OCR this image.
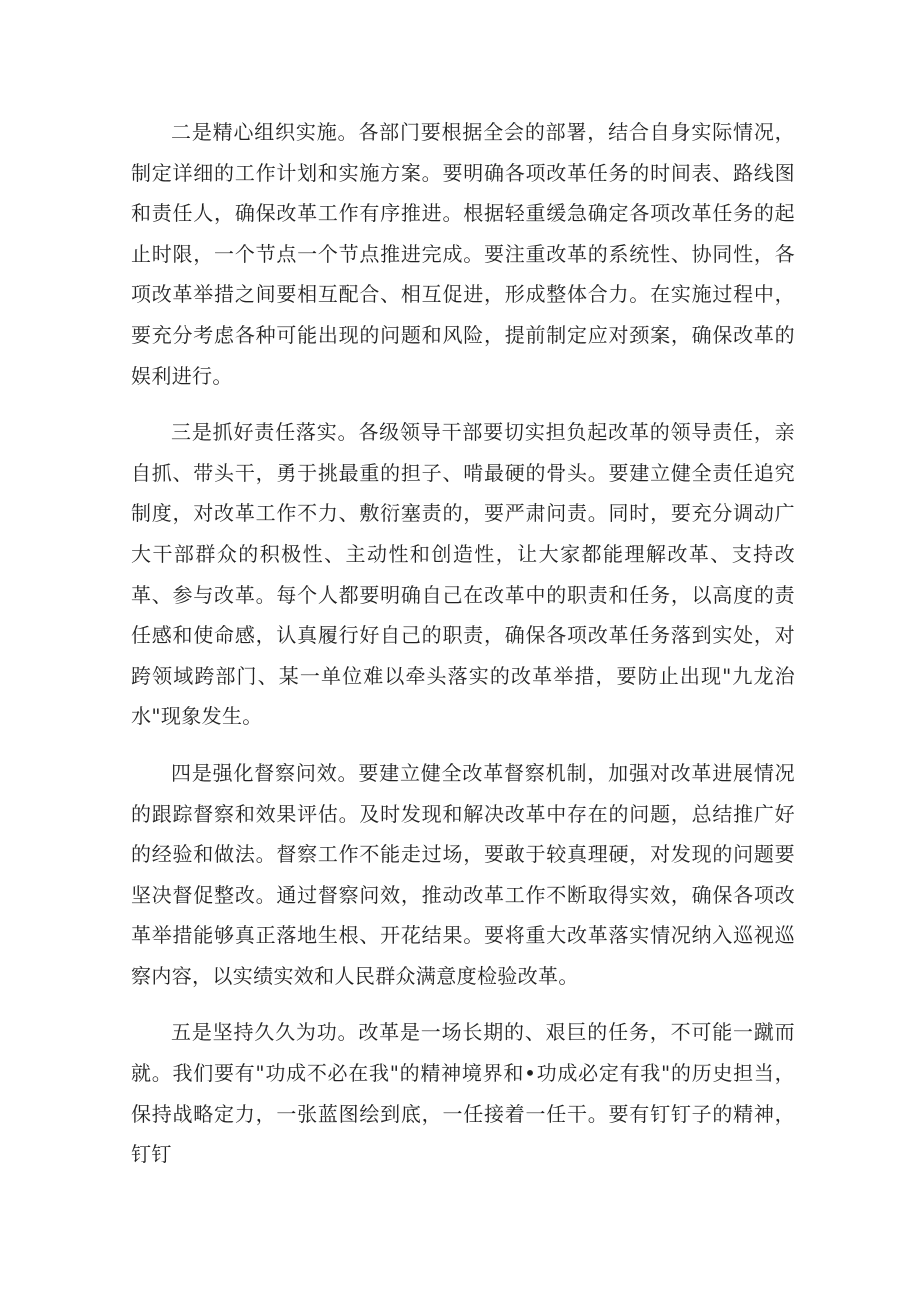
二是精心组织实施。各部门要根据全会的部署，结合自身实际情况，制定详细的工作计划和实施方案。要明确各项改革任务的时间表、路线图和责任人，确保改革工作有序推进。根据轻重缓急确定各项改革任务的起止时限，一个节点一个节点推进完成。要注重改革的系统性、协同性，各项改革举措之间要相互配合、相互促进，形成整体合力。在实施过程中，要充分考虑各种可能出现的问题和风险，提前制定应对颈案，确保改革的娱利进行。

三是抓好责任落实。各级领导干部要切实担负起改革的领导责任，亲自抓、带头干，勇于挑最重的担子、啃最硬的骨头。要建立健全责任追究制度，对改革工作不力、敷衍塞责的，要严肃问责。同时，要充分调动广大干部群众的积极性、主动性和创造性，让大家都能理解改革、支持改革、参与改革。每个人都要明确自己在改革中的职责和任务，以高度的责任感和使命感，认真履行好自己的职责，确保各项改革任务落到实处，对跨领域跨部门、某一单位难以牵头落实的改革举措，要防止出现"九龙治水"现象发生。

四是强化督察问效。要建立健全改革督察机制，加强对改革进展情况的跟踪督察和效果评估。及时发现和解决改革中存在的问题，总结推广好的经验和做法。督察工作不能走过场，要敢于较真理硬，对发现的问题要坚决督促整改。通过督察问效，推动改革工作不断取得实效，确保各项改革举措能够真正落地生根、开花结果。要将重大改革落实情况纳入巡视巡察内容，以实绩实效和人民群众满意度检验改革。

五是坚持久久为功。改革是一场长期的、艰巨的任务，不可能一蹴而就。我们要有"功成不必在我"的精神境界和•功成必定有我"的历史担当，保持战略定力，一张蓝图绘到底，一任接着一任干。要有钉钉子的精神，钉钉
